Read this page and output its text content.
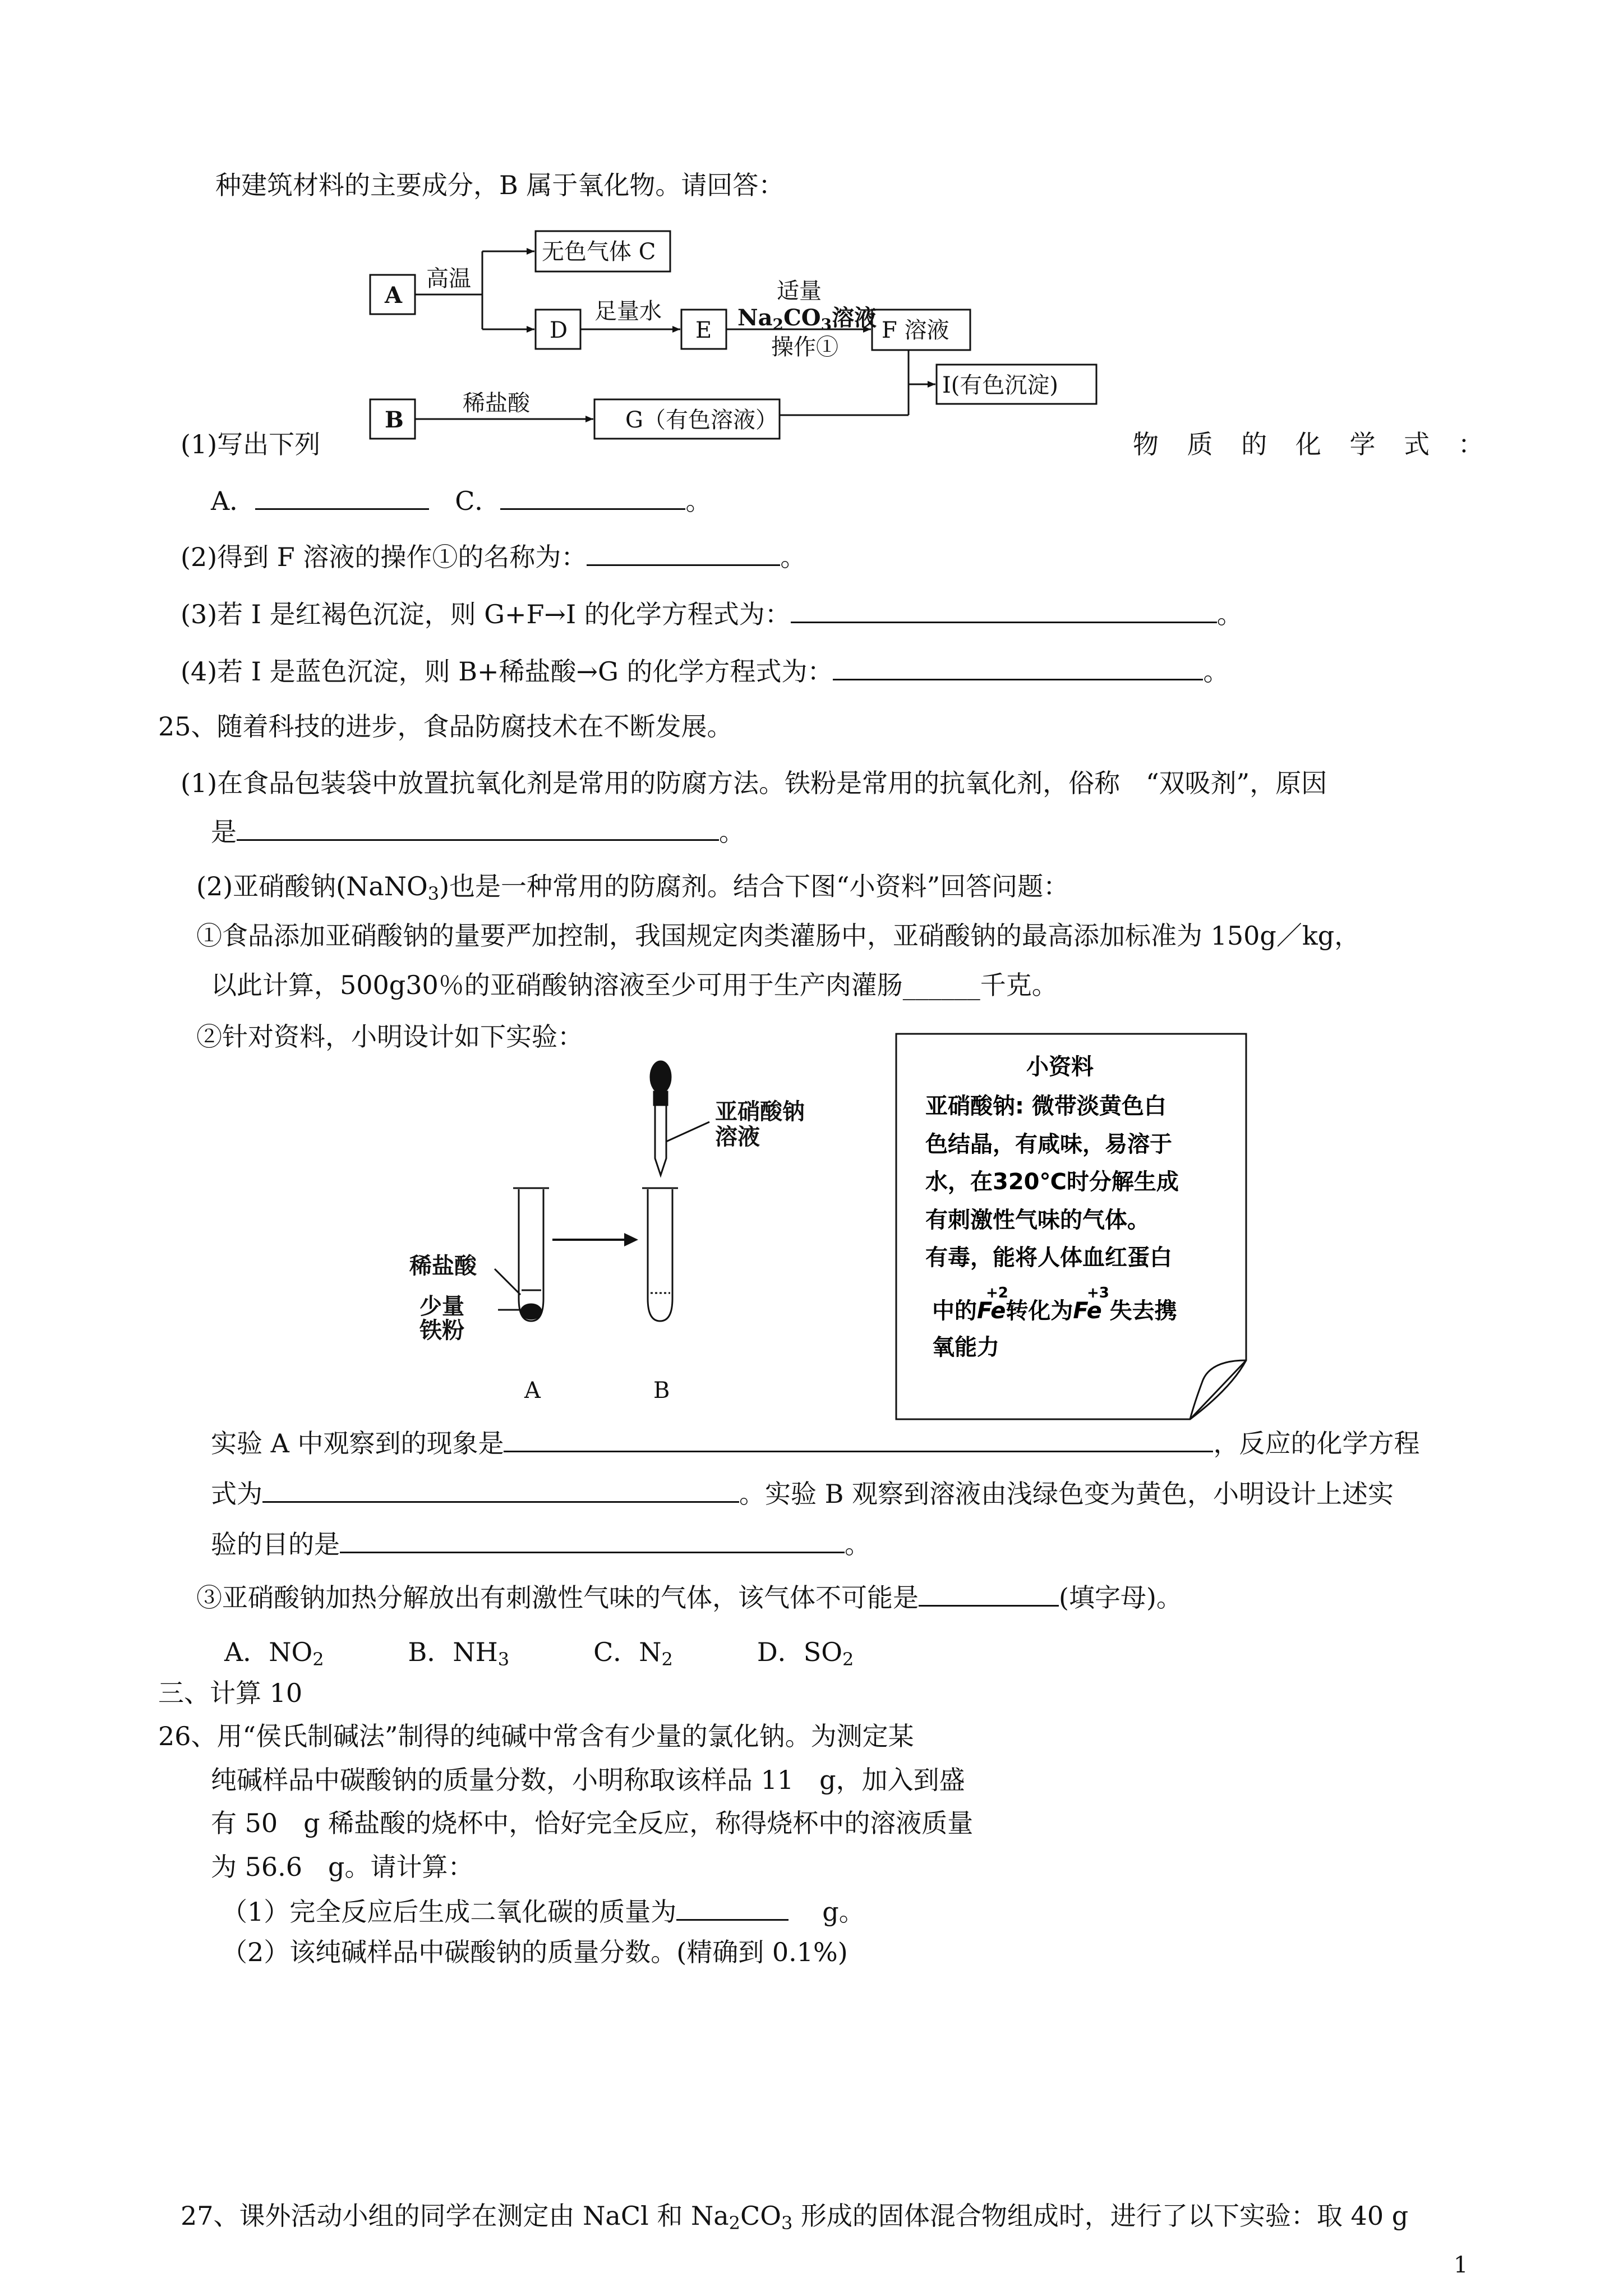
种建筑材料的主要成分，B 属于氧化物。请回答：
A
B
无色气体 C
D	E	F 溶液
I(有色沉淀)
G（有色溶液）
高温
足量水
稀盐酸
适量
$Na_2CO_3$溶液
操作①
(1)写出下列	物 质 的 化 学 式 ：
A．　	C．	。
(2)得到 F 溶液的操作①的名称为：	。
(3)若 I 是红褐色沉淀，则 G+F→I 的化学方程式为：	。
(4)若 I 是蓝色沉淀，则 B+稀盐酸→G 的化学方程式为：	。
25、随着科技的进步，食品防腐技术在不断发展。
(1)在食品包装袋中放置抗氧化剂是常用的防腐方法。铁粉是常用的抗氧化剂，俗称　“双吸剂”，原因
是	。
(2)亚硝酸钠(NaNO$_3$)也是一种常用的防腐剂。结合下图“小资料”回答问题：
①食品添加亚硝酸钠的量要严加控制，我国规定肉类灌肠中，亚硝酸钠的最高添加标准为 150g／kg，
以此计算，500g30％的亚硝酸钠溶液至少可用于生产肉灌肠______千克。
②针对资料，小明设计如下实验：
亚硝酸钠
溶液
稀盐酸
少量
铁粉
A	B
小资料
亚硝酸钠: 微带淡黄色白
色结晶，有咸味，易溶于
水，在320℃时分解生成
有刺激性气味的气体。
有毒，能将人体血红蛋白
+2	+3
中的Fe转化为Fe 失去携
氧能力
实验 A 中观察到的现象是	，反应的化学方程
式为	。实验 B 观察到溶液由浅绿色变为黄色，小明设计上述实
验的目的是	。
③亚硝酸钠加热分解放出有刺激性气味的气体，该气体不可能是	(填字母)。
A．$NO_2$	B．$NH_3$	C．$N_2$	D．$SO_2$
三、计算 10
26、用“侯氏制碱法”制得的纯碱中常含有少量的氯化钠。为测定某
纯碱样品中碳酸钠的质量分数，小明称取该样品 11　g，加入到盛
有 50　g 稀盐酸的烧杯中，恰好完全反应，称得烧杯中的溶液质量
为 56.6　g。请计算：
（1）完全反应后生成二氧化碳的质量为	g。
（2）该纯碱样品中碳酸钠的质量分数。(精确到 0.1%)
27、课外活动小组的同学在测定由 NaCl 和 $Na_2CO_3$ 形成的固体混合物组成时，进行了以下实验：取 40 g
1
